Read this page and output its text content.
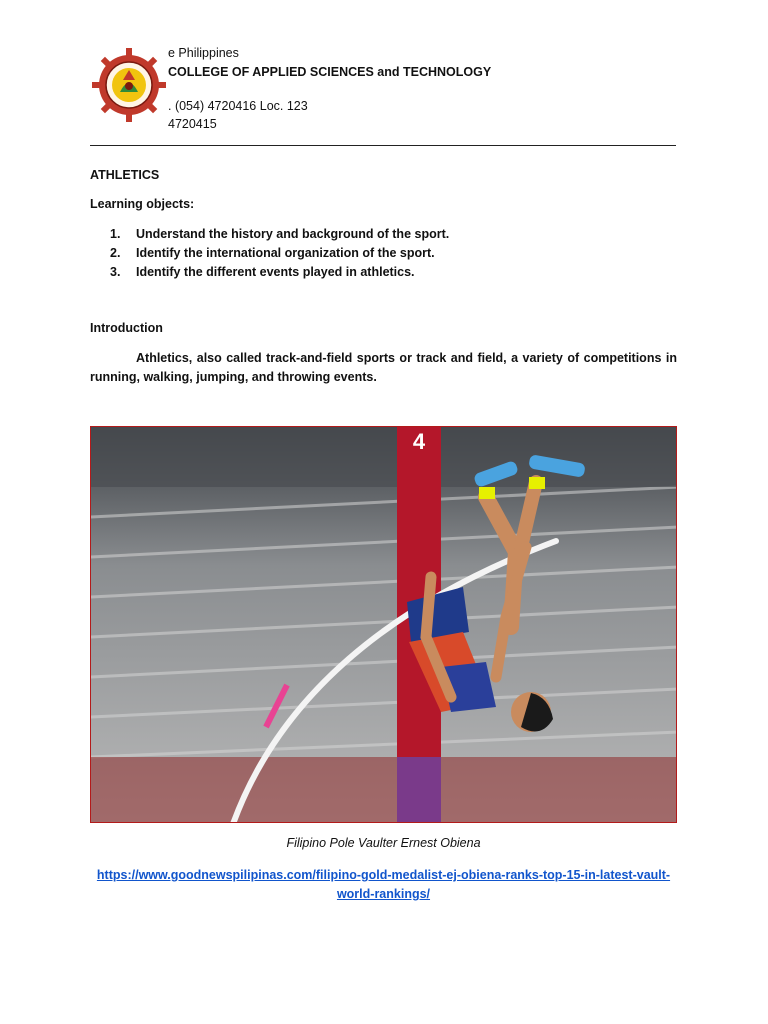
e Philippines
COLLEGE OF APPLIED SCIENCES and TECHNOLOGY
. (054) 4720416 Loc. 123
4720415
ATHLETICS
Learning objects:
1.	Understand the history and background of the sport.
2.	Identify the international organization of the sport.
3.	Identify the different events played in athletics.
Introduction

Athletics, also called track-and-field sports or track and field, a variety of competitions in running, walking, jumping, and throwing events.

4
Filipino Pole Vaulter Ernest Obiena
https://www.goodnewspilipinas.com/filipino-gold-medalist-ej-obiena-ranks-top-15-in-latest-vault-world-rankings/
